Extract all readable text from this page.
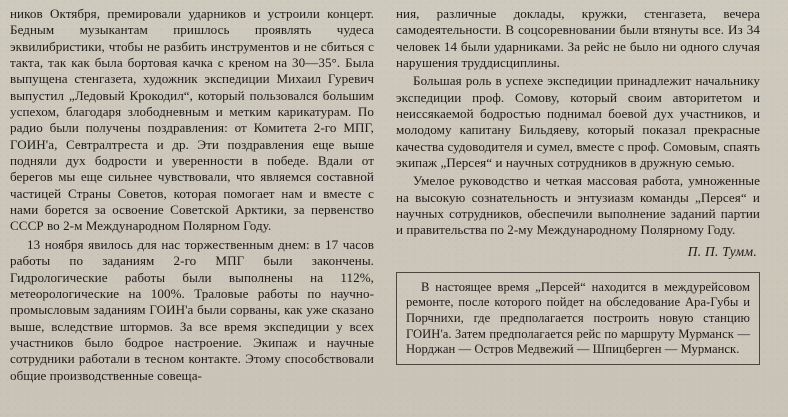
ников Октября, премировали ударников и устроили концерт. Бедным музыкантам пришлось проявлять чудеса эквилибристики, чтобы не разбить инструментов и не сбиться с такта, так как была бортовая качка с креном на 30—35°. Была выпущена стенгазета, художник экспедиции Михаил Гуревич выпустил „Ледовый Крокодил“, который пользовался большим успехом, благодаря злободневным и метким карикатурам. По радио были получены поздравления: от Комитета 2-го МПГ, ГОИН'а, Севтралтреста и др. Эти поздравления еще выше подняли дух бодрости и уверенности в победе. Вдали от берегов мы еще сильнее чувствовали, что являемся составной частицей Страны Советов, которая помогает нам и вместе с нами борется за освоение Советской Арктики, за первенство СССР во 2-м Международном Полярном Году.

13 ноября явилось для нас торжественным днем: в 17 часов работы по заданиям 2-го МПГ были закончены. Гидрологические работы были выполнены на 112%, метеорологические на 100%. Траловые работы по научно-промысловым заданиям ГОИН'а были сорваны, как уже сказано выше, вследствие штормов. За все время экспедиции у всех участников было бодрое настроение. Экипаж и научные сотрудники работали в тесном контакте. Этому способствовали общие производственные совеща-

ния, различные доклады, кружки, стенгазета, вечера самодеятельности. В соцсоревновании были втянуты все. Из 34 человек 14 были ударниками. За рейс не было ни одного случая нарушения труддисциплины.

Большая роль в успехе экспедиции принадлежит начальнику экспедиции проф. Сомову, который своим авторитетом и неиссякаемой бодростью поднимал боевой дух участников, и молодому капитану Бильдяеву, который показал прекрасные качества судоводителя и сумел, вместе с проф. Сомовым, спаять экипаж „Персея“ и научных сотрудников в дружную семью.

Умелое руководство и четкая массовая работа, умноженные на высокую сознательность и энтузиазм команды „Персея“ и научных сотрудников, обеспечили выполнение заданий партии и правительства по 2-му Международному Полярному Году.

П. П. Тумм.

В настоящее время „Персей“ находится в междурейсовом ремонте, после которого пойдет на обследование Ара-Губы и Порчнихи, где предполагается построить новую станцию ГОИН'а. Затем предполагается рейс по маршруту Мурманск — Норджан — Остров Медвежий — Шпицберген — Мурманск.
